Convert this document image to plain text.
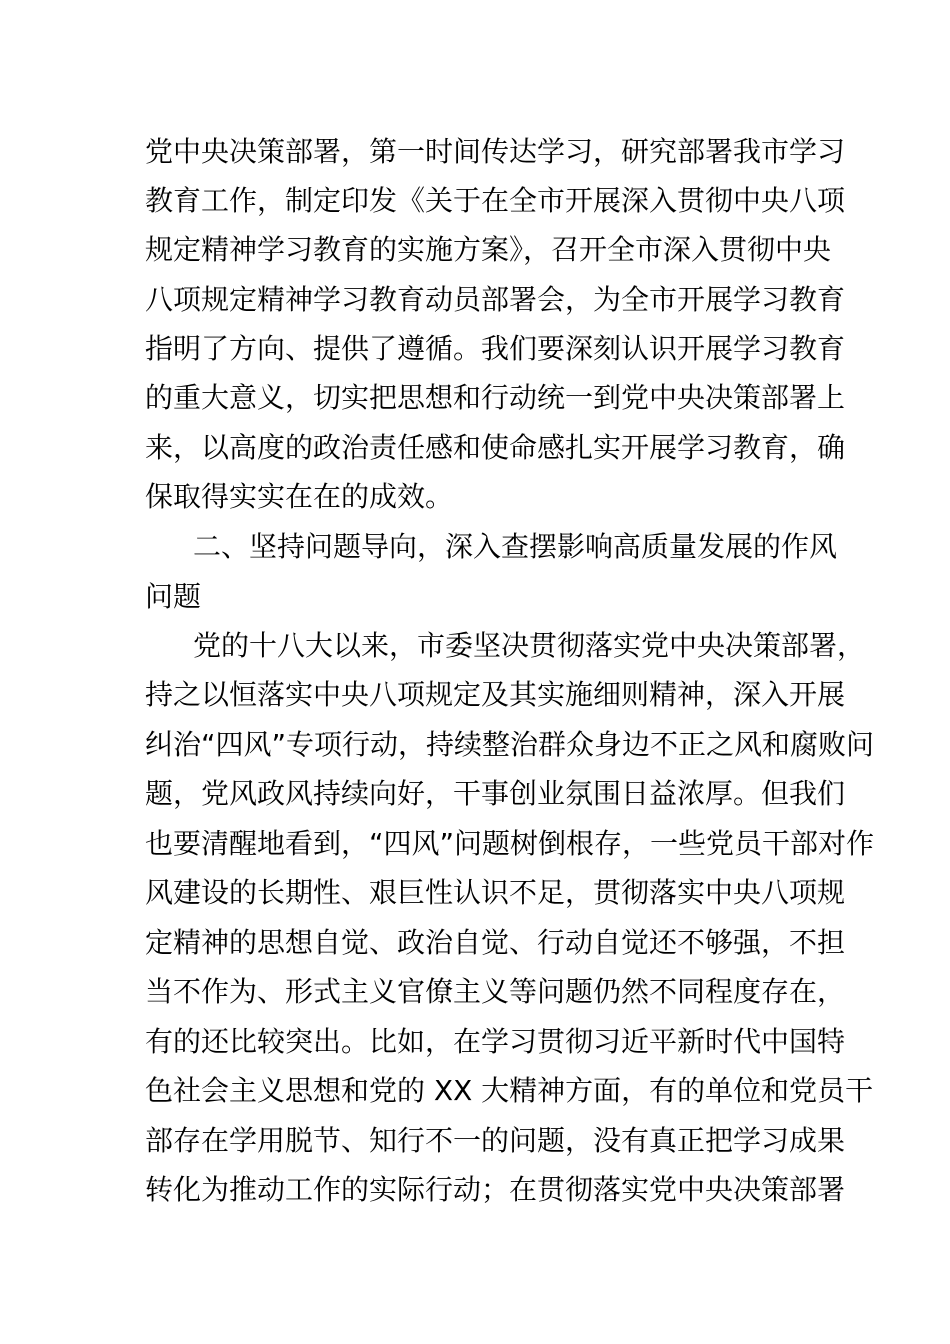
党中央决策部署，第一时间传达学习，研究部署我市学习
教育工作，制定印发《关于在全市开展深入贯彻中央八项
规定精神学习教育的实施方案》，召开全市深入贯彻中央
八项规定精神学习教育动员部署会，为全市开展学习教育
指明了方向、提供了遵循。我们要深刻认识开展学习教育
的重大意义，切实把思想和行动统一到党中央决策部署上
来，以高度的政治责任感和使命感扎实开展学习教育，确
保取得实实在在的成效。
二、坚持问题导向，深入查摆影响高质量发展的作风
问题
党的十八大以来，市委坚决贯彻落实党中央决策部署，
持之以恒落实中央八项规定及其实施细则精神，深入开展
纠治“四风”专项行动，持续整治群众身边不正之风和腐败问
题，党风政风持续向好，干事创业氛围日益浓厚。但我们
也要清醒地看到，“四风”问题树倒根存，一些党员干部对作
风建设的长期性、艰巨性认识不足，贯彻落实中央八项规
定精神的思想自觉、政治自觉、行动自觉还不够强，不担
当不作为、形式主义官僚主义等问题仍然不同程度存在，
有的还比较突出。比如，在学习贯彻习近平新时代中国特
色社会主义思想和党的 XX 大精神方面，有的单位和党员干
部存在学用脱节、知行不一的问题，没有真正把学习成果
转化为推动工作的实际行动；在贯彻落实党中央决策部署
